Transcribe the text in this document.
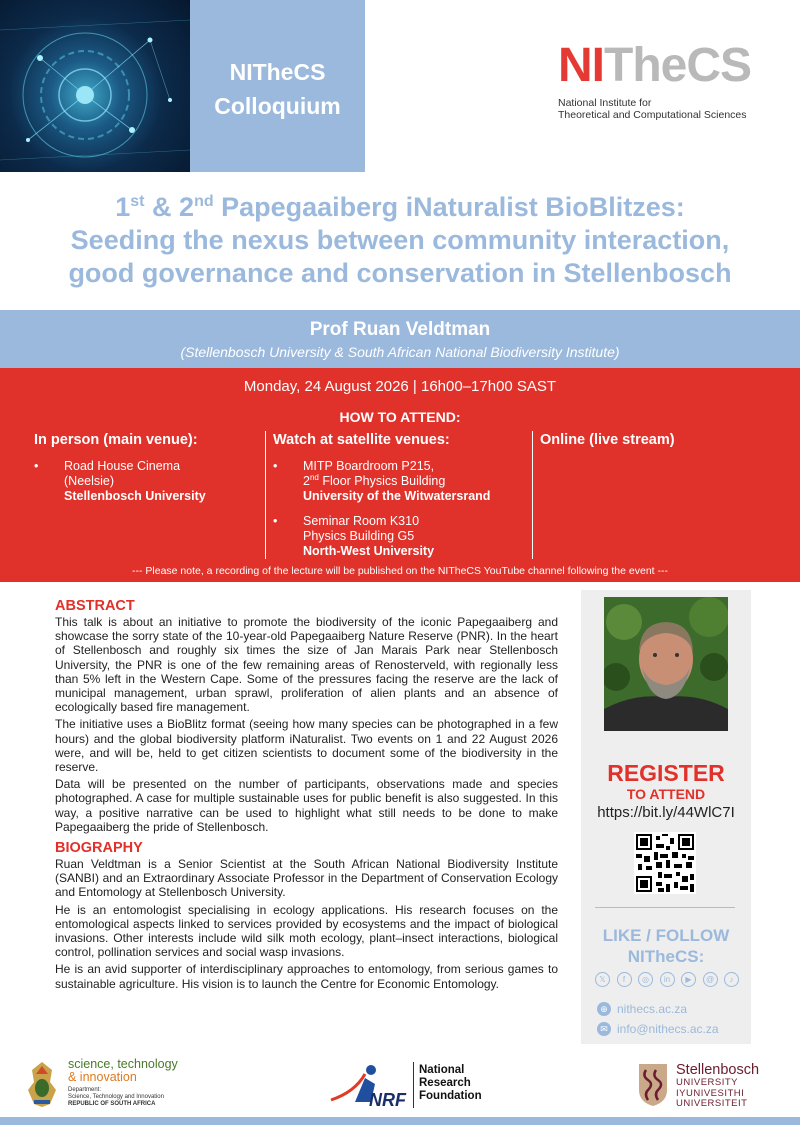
NITheCS
Colloquium
NITheCS
National Institute for
Theoretical and Computational Sciences
1st & 2nd Papegaaiberg iNaturalist BioBlitzes:
Seeding the nexus between community interaction,
good governance and conservation in Stellenbosch
Prof Ruan Veldtman
(Stellenbosch University & South African National Biodiversity Institute)
Monday, 24 August 2026 | 16h00–17h00 SAST
HOW TO ATTEND:
In person (main venue):
• Road House Cinema
(Neelsie)
Stellenbosch University
Watch at satellite venues:
• MITP Boardroom P215,
2nd Floor Physics Building
University of the Witwatersrand
• Seminar Room K310
Physics Building G5
North-West University
Online (live stream)
--- Please note, a recording of the lecture will be published on the NITheCS YouTube channel following the event ---
ABSTRACT

This talk is about an initiative to promote the biodiversity of the iconic Papegaaiberg and showcase the sorry state of the 10-year-old Papegaaiberg Nature Reserve (PNR). In the heart of Stellenbosch and roughly six times the size of Jan Marais Park near Stellenbosch University, the PNR is one of the few remaining areas of Renosterveld, with regionally less than 5% left in the Western Cape. Some of the pressures facing the reserve are the lack of municipal management, urban sprawl, proliferation of alien plants and an absence of ecologically based fire management.

The initiative uses a BioBlitz format (seeing how many species can be photographed in a few hours) and the global biodiversity platform iNaturalist. Two events on 1 and 22 August 2026 were, and will be, held to get citizen scientists to document some of the biodiversity in the reserve.

Data will be presented on the number of participants, observations made and species photographed. A case for multiple sustainable uses for public benefit is also suggested. In this way, a positive narrative can be used to highlight what still needs to be done to make Papegaaiberg the pride of Stellenbosch.

BIOGRAPHY

Ruan Veldtman is a Senior Scientist at the South African National Biodiversity Institute (SANBI) and an Extraordinary Associate Professor in the Department of Conservation Ecology and Entomology at Stellenbosch University.

He is an entomologist specialising in ecology applications. His research focuses on the entomological aspects linked to services provided by ecosystems and the impact of biological invasions. Other interests include wild silk moth ecology, plant–insect interactions, biological control, pollination services and social wasp invasions.

He is an avid supporter of interdisciplinary approaches to entomology, from serious games to sustainable agriculture. His vision is to launch the Centre for Economic Entomology.

REGISTER
TO ATTEND
https://bit.ly/44WlC7I
LIKE / FOLLOW
NITheCS:
𝕏	f	◎	in	▶	@	♪
⊕ nithecs.ac.za
✉ info@nithecs.ac.za
science, technology
& innovation
Department:
Science, Technology and Innovation
REPUBLIC OF SOUTH AFRICA	NRF
National
Research
Foundation
Stellenbosch
UNIVERSITY
IYUNIVESITHI
UNIVERSITEIT
